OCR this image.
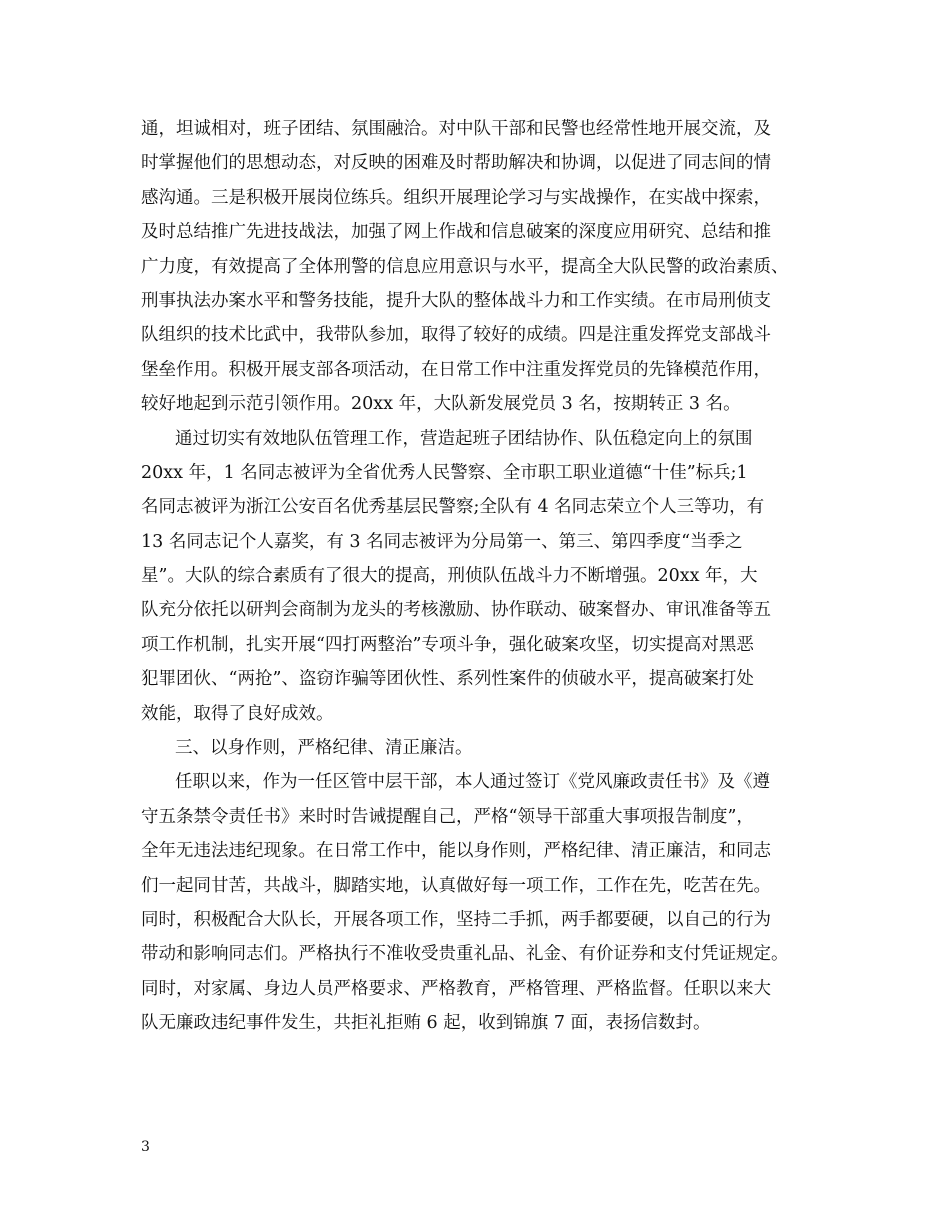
通，坦诚相对，班子团结、氛围融洽。对中队干部和民警也经常性地开展交流，及
时掌握他们的思想动态，对反映的困难及时帮助解决和协调，以促进了同志间的情
感沟通。三是积极开展岗位练兵。组织开展理论学习与实战操作，在实战中探索，
及时总结推广先进技战法，加强了网上作战和信息破案的深度应用研究、总结和推
广力度，有效提高了全体刑警的信息应用意识与水平，提高全大队民警的政治素质、
刑事执法办案水平和警务技能，提升大队的整体战斗力和工作实绩。在市局刑侦支
队组织的技术比武中，我带队参加，取得了较好的成绩。四是注重发挥党支部战斗
堡垒作用。积极开展支部各项活动，在日常工作中注重发挥党员的先锋模范作用，
较好地起到示范引领作用。20xx 年，大队新发展党员 3 名，按期转正 3 名。
通过切实有效地队伍管理工作，营造起班子团结协作、队伍稳定向上的氛围
20xx 年，1 名同志被评为全省优秀人民警察、全市职工职业道德“十佳”标兵;1
名同志被评为浙江公安百名优秀基层民警察;全队有 4 名同志荣立个人三等功，有
13 名同志记个人嘉奖，有 3 名同志被评为分局第一、第三、第四季度“当季之
星”。大队的综合素质有了很大的提高，刑侦队伍战斗力不断增强。20xx 年，大
队充分依托以研判会商制为龙头的考核激励、协作联动、破案督办、审讯准备等五
项工作机制，扎实开展“四打两整治”专项斗争，强化破案攻坚，切实提高对黑恶
犯罪团伙、“两抢”、盗窃诈骗等团伙性、系列性案件的侦破水平，提高破案打处
效能，取得了良好成效。
三、以身作则，严格纪律、清正廉洁。
任职以来，作为一任区管中层干部，本人通过签订《党风廉政责任书》及《遵
守五条禁令责任书》来时时告诫提醒自己，严格“领导干部重大事项报告制度”，
全年无违法违纪现象。在日常工作中，能以身作则，严格纪律、清正廉洁，和同志
们一起同甘苦，共战斗，脚踏实地，认真做好每一项工作，工作在先，吃苦在先。
同时，积极配合大队长，开展各项工作，坚持二手抓，两手都要硬，以自己的行为
带动和影响同志们。严格执行不准收受贵重礼品、礼金、有价证券和支付凭证规定。
同时，对家属、身边人员严格要求、严格教育，严格管理、严格监督。任职以来大
队无廉政违纪事件发生，共拒礼拒贿 6 起，收到锦旗 7 面，表扬信数封。
3
